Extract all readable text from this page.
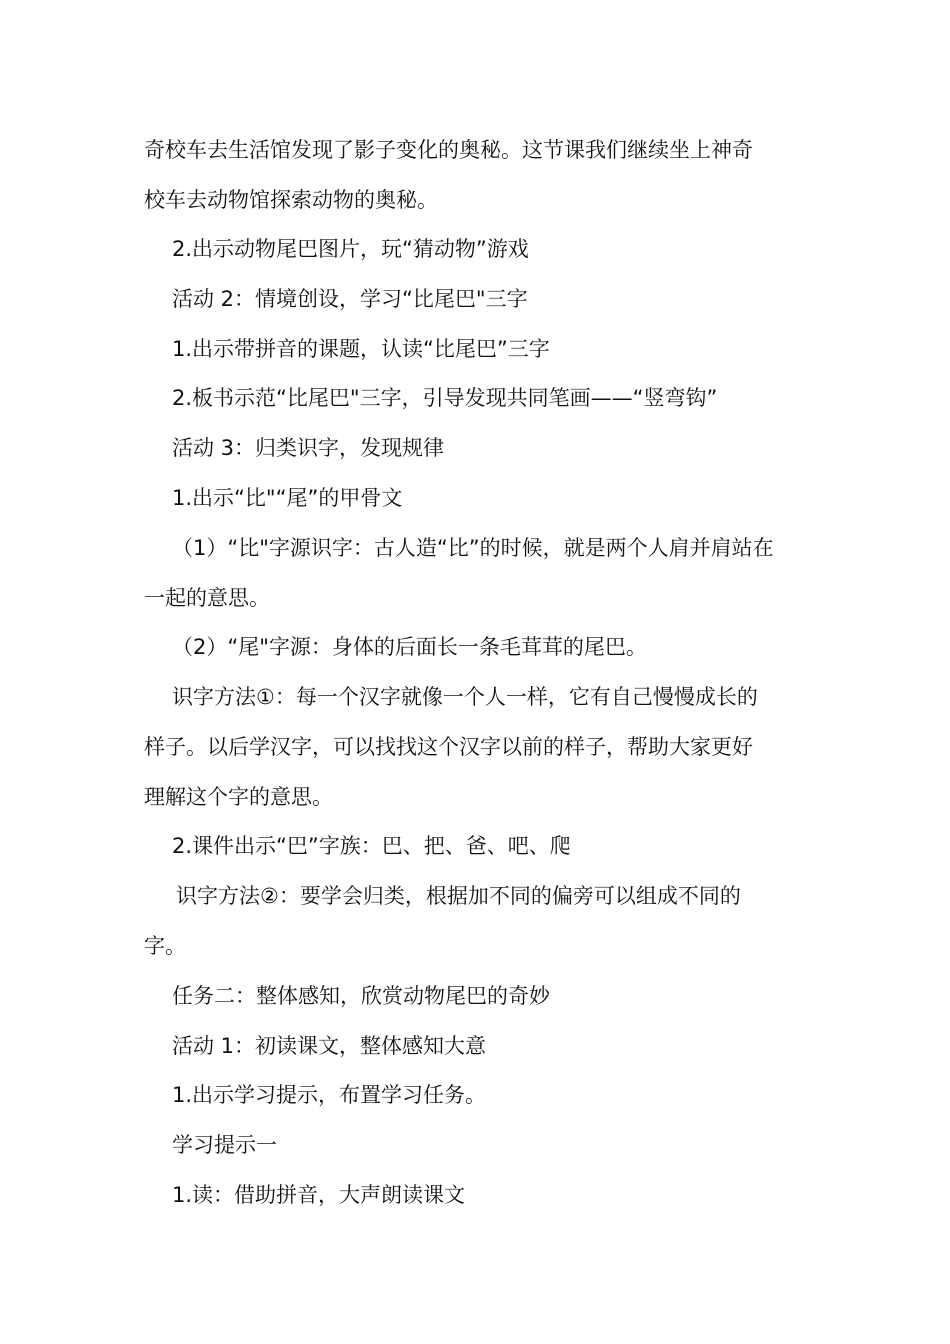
奇校车去生活馆发现了影子变化的奥秘。这节课我们继续坐上神奇
校车去动物馆探索动物的奥秘。
2.出示动物尾巴图片，玩“猜动物”游戏
活动 2：情境创设，学习“比尾巴"三字
1.出示带拼音的课题，认读“比尾巴”三字
2.板书示范“比尾巴"三字，引导发现共同笔画——“竖弯钩”
活动 3：归类识字，发现规律
1.出示“比"“尾”的甲骨文
（1）“比"字源识字：古人造“比”的时候，就是两个人肩并肩站在
一起的意思。
（2）“尾"字源：身体的后面长一条毛茸茸的尾巴。
识字方法①：每一个汉字就像一个人一样，它有自己慢慢成长的
样子。以后学汉字，可以找找这个汉字以前的样子，帮助大家更好
理解这个字的意思。
2.课件出示“巴”字族：巴、把、爸、吧、爬
识字方法②：要学会归类，根据加不同的偏旁可以组成不同的
字。
任务二：整体感知，欣赏动物尾巴的奇妙
活动 1：初读课文，整体感知大意
1.出示学习提示，布置学习任务。
学习提示一
1.读：借助拼音，大声朗读课文
